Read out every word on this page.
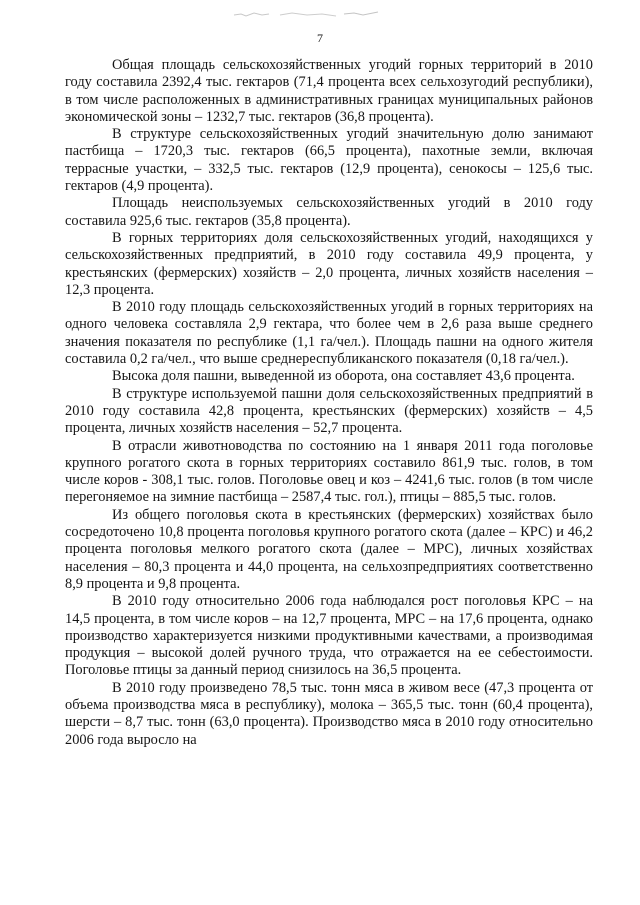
7

Общая площадь сельскохозяйственных угодий горных территорий в 2010 году составила 2392,4 тыс. гектаров (71,4 процента всех сельхозугодий республики), в том числе расположенных в административных границах муниципальных районов экономической зоны – 1232,7 тыс. гектаров (36,8 процента).

В структуре сельскохозяйственных угодий значительную долю занимают пастбища – 1720,3 тыс. гектаров (66,5 процента), пахотные земли, включая террасные участки, – 332,5 тыс. гектаров (12,9 процента), сенокосы – 125,6 тыс. гектаров (4,9 процента).

Площадь неиспользуемых сельскохозяйственных угодий в 2010 году составила 925,6 тыс. гектаров (35,8 процента).

В горных территориях доля сельскохозяйственных угодий, находящихся у сельскохозяйственных предприятий, в 2010 году составила 49,9 процента, у крестьянских (фермерских) хозяйств – 2,0 процента, личных хозяйств населения – 12,3 процента.

В 2010 году площадь сельскохозяйственных угодий в горных территориях на одного человека составляла 2,9 гектара, что более чем в 2,6 раза выше среднего значения показателя по республике (1,1 га/чел.). Площадь пашни на одного жителя составила 0,2 га/чел., что выше среднереспубликанского показателя (0,18 га/чел.).

Высока доля пашни, выведенной из оборота, она составляет 43,6 процента.

В структуре используемой пашни доля сельскохозяйственных предприятий в 2010 году составила 42,8 процента, крестьянских (фермерских) хозяйств – 4,5 процента, личных хозяйств населения – 52,7 процента.

В отрасли животноводства по состоянию на 1 января 2011 года поголовье крупного рогатого скота в горных территориях составило 861,9 тыс. голов, в том числе коров - 308,1 тыс. голов. Поголовье овец и коз – 4241,6 тыс. голов (в том числе перегоняемое на зимние пастбища – 2587,4 тыс. гол.), птицы – 885,5 тыс. голов.

Из общего поголовья скота в крестьянских (фермерских) хозяйствах было сосредоточено 10,8 процента поголовья крупного рогатого скота (далее – КРС) и 46,2 процента поголовья мелкого рогатого скота (далее – МРС), личных хозяйствах населения – 80,3 процента и 44,0 процента, на сельхозпредприятиях соответственно 8,9 процента и 9,8 процента.

В 2010 году относительно 2006 года наблюдался рост поголовья КРС – на 14,5 процента, в том числе коров – на 12,7 процента, МРС – на 17,6 процента, однако производство характеризуется низкими продуктивными качествами, а производимая продукция – высокой долей ручного труда, что отражается на ее себестоимости. Поголовье птицы за данный период снизилось на 36,5 процента.

В 2010 году произведено 78,5 тыс. тонн мяса в живом весе (47,3 процента от объема производства мяса в республику), молока – 365,5 тыс. тонн (60,4 процента), шерсти – 8,7 тыс. тонн (63,0 процента). Производство мяса в 2010 году относительно 2006 года выросло на
